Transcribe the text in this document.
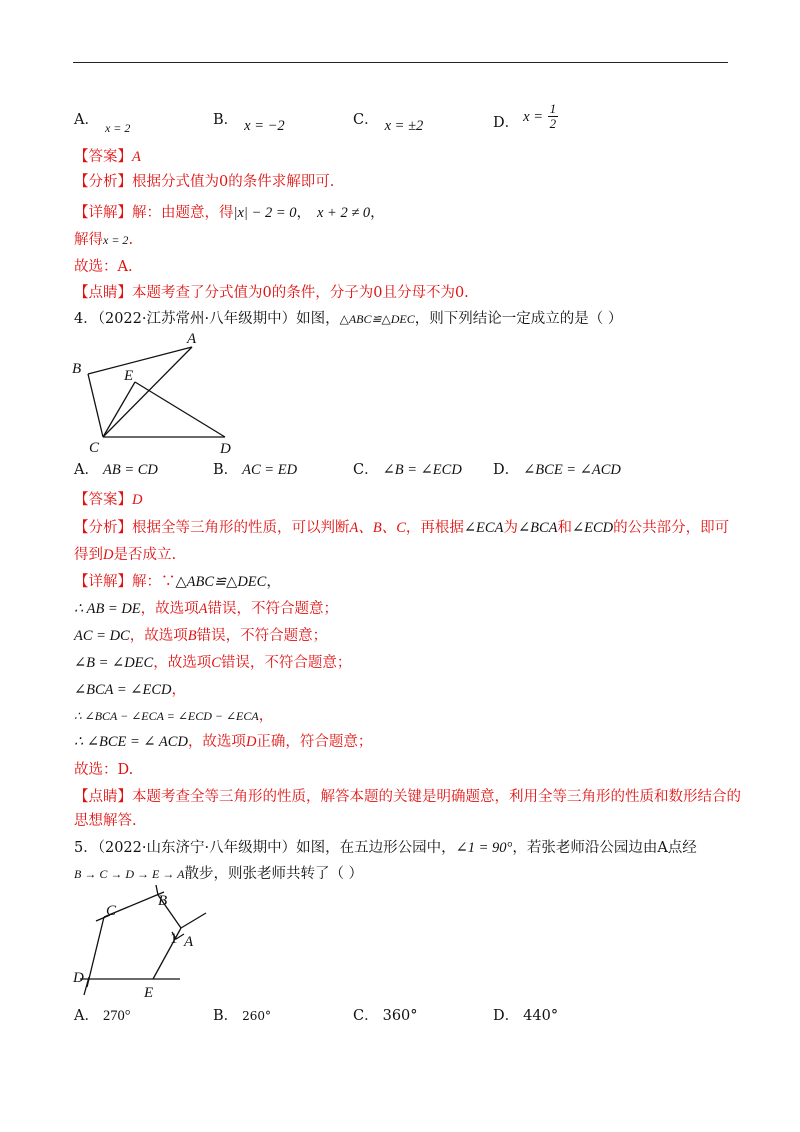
A． $_{x = 2}$	B． x = −2	C． x = ±2	D． $x = \frac{1}{2}$
【答案】A
【分析】根据分式值为0的条件求解即可.
【详解】解：由题意，得|x| − 2 = 0， x + 2 ≠ 0，
解得x = 2.
故选：A.
【点睛】本题考查了分式值为0的条件，分子为0且分母不为0.
4．（2022·江苏常州·八年级期中）如图，△ABC≌△DEC，则下列结论一定成立的是（ ）
A
B	E
C	D
A． AB = CD	B． AC = ED	C． ∠B = ∠ECD D． ∠BCE = ∠ACD
【答案】D
【分析】根据全等三角形的性质，可以判断A、B、C，再根据∠ECA为∠BCA和∠ECD的公共部分，即可
得到D是否成立.
【详解】解：∵△ABC≌△DEC，
∴ AB = DE，故选项A错误，不符合题意；
AC = DC，故选项B错误，不符合题意；
∠B = ∠DEC，故选项C错误，不符合题意；
∠BCA = ∠ECD，
∴ ∠BCA − ∠ECA = ∠ECD − ∠ECA，
∴ ∠BCE = ∠ ACD，故选项D正确，符合题意；
故选：D.
【点睛】本题考查全等三角形的性质，解答本题的关键是明确题意，利用全等三角形的性质和数形结合的
思想解答.
5．（2022·山东济宁·八年级期中）如图，在五边形公园中，∠1 = 90°，若张老师沿公园边由A点经
B → C → D → E → A散步，则张老师共转了（ ）
B
C
1 A
D
E
A． 270°	B． 260°	C． 360°	D． 440°
